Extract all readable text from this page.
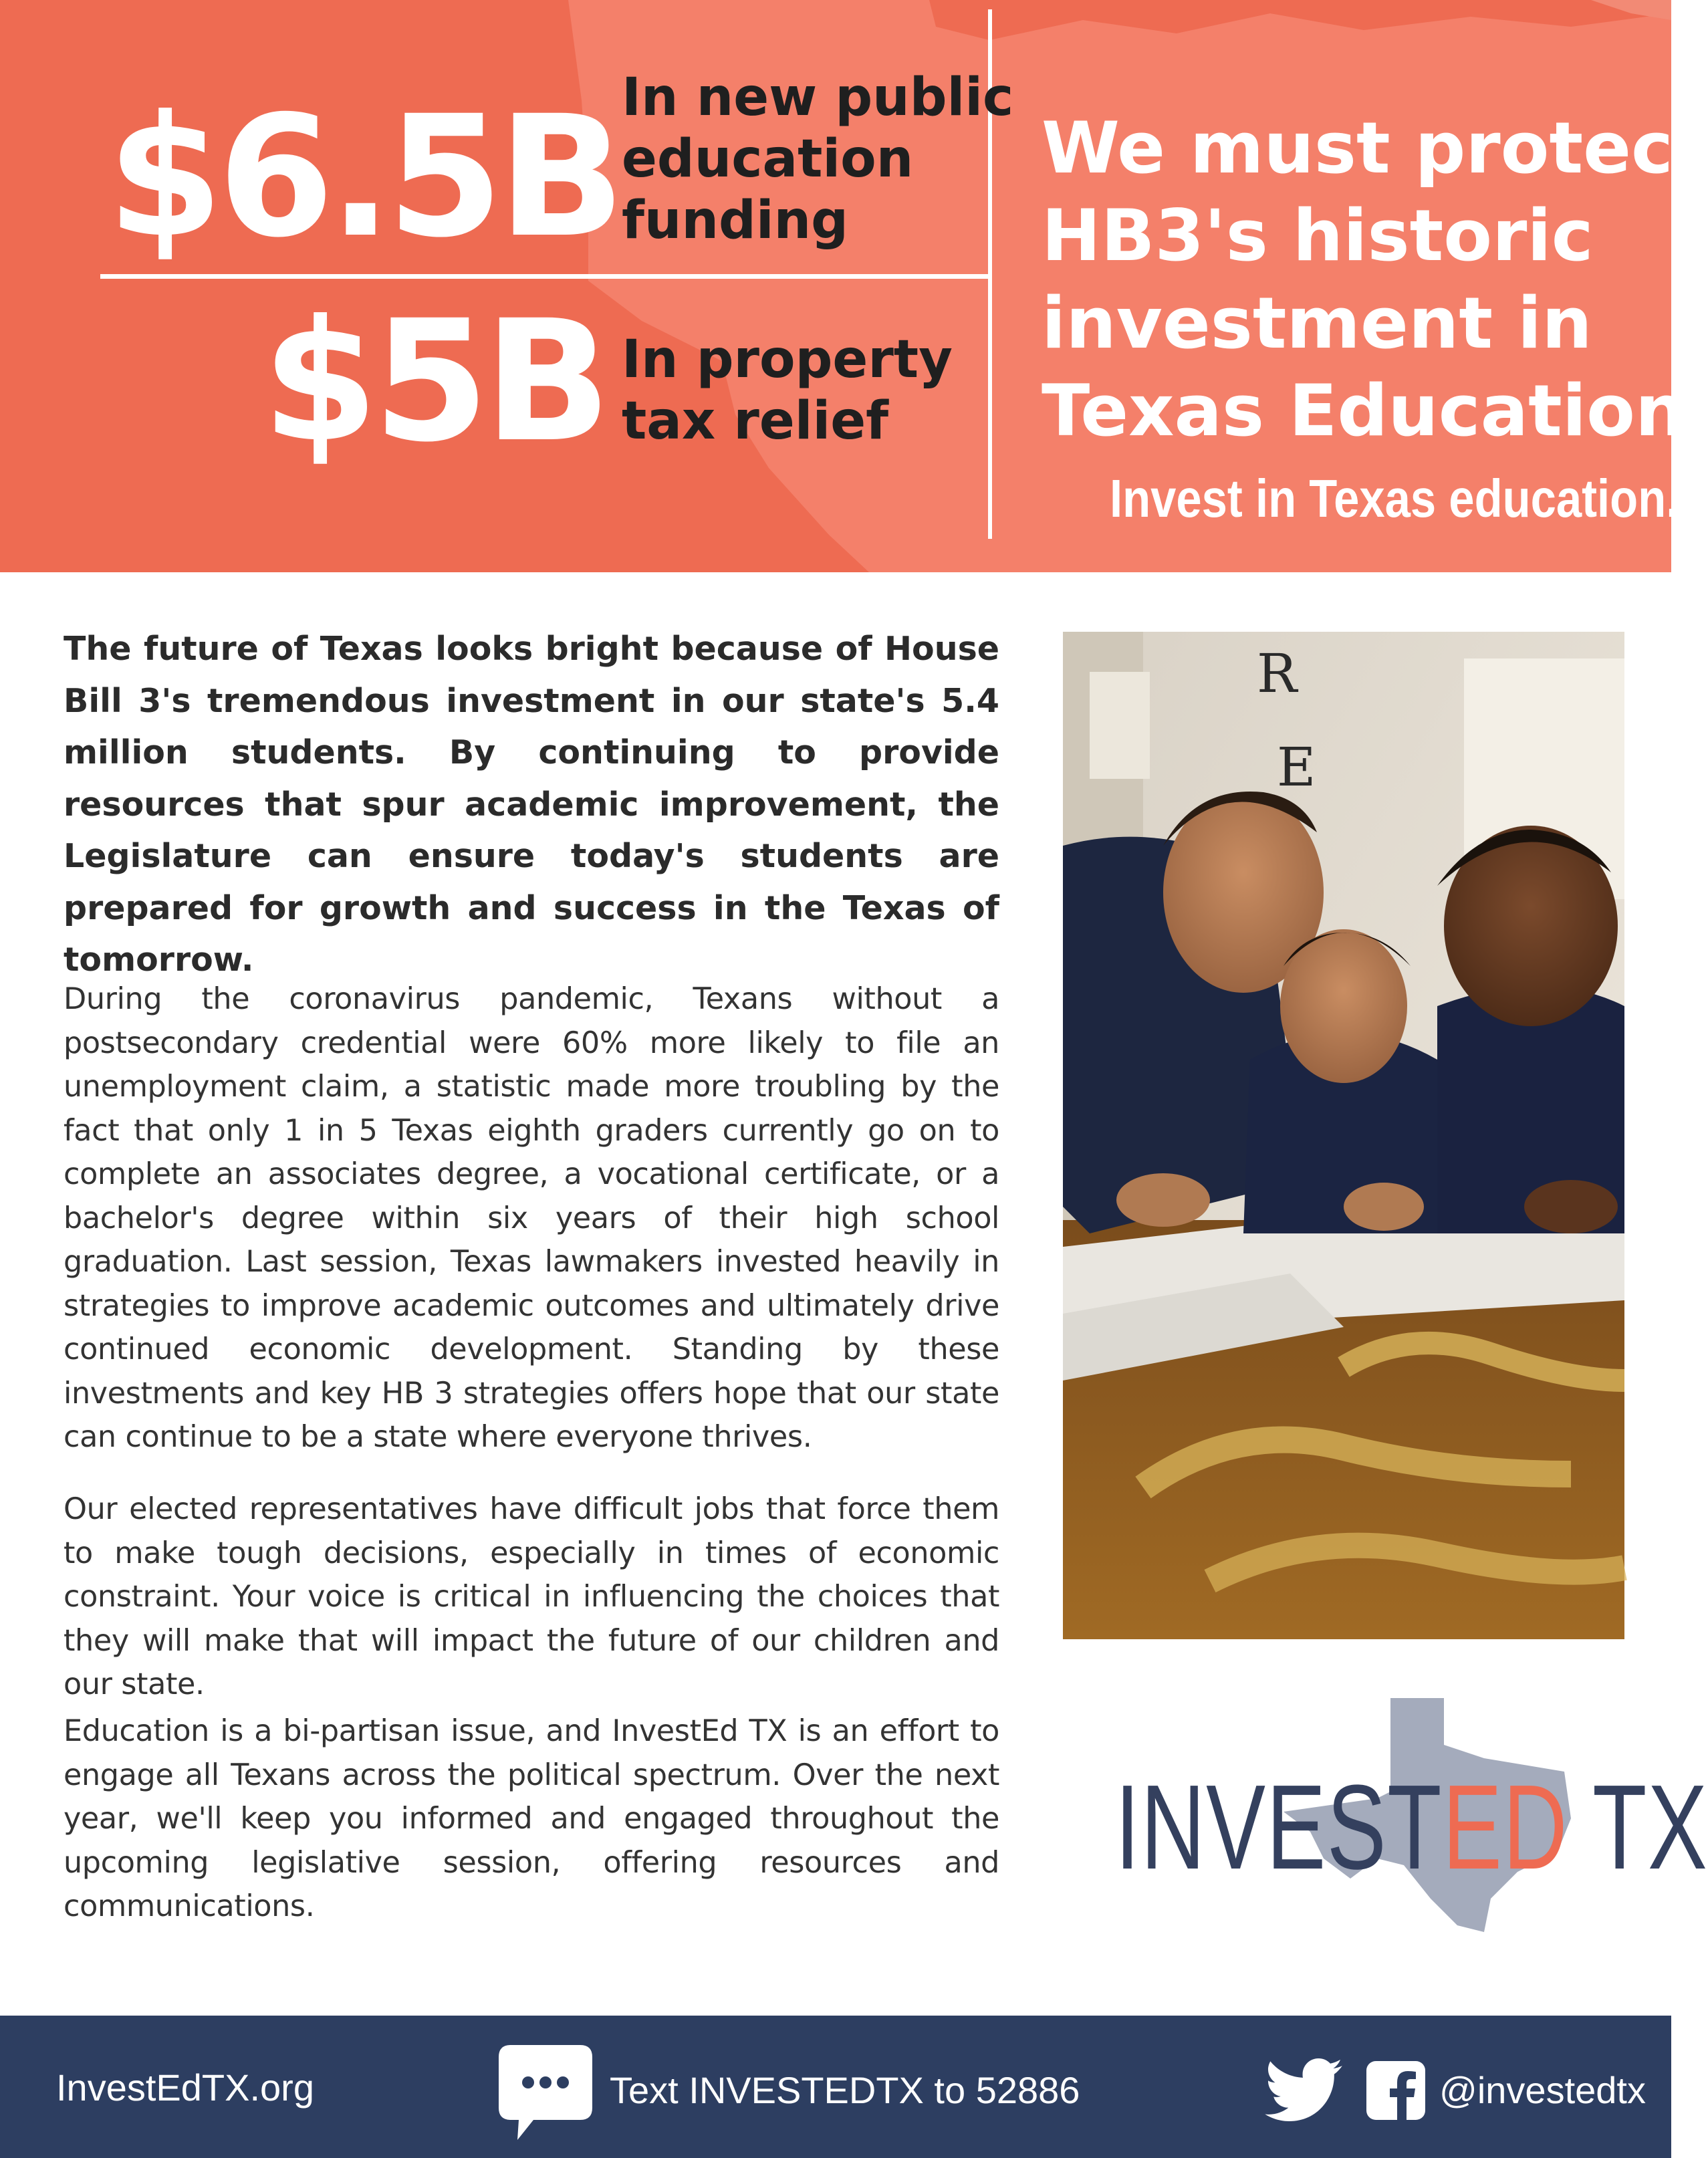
$6.5B In new public
education
funding
$5B In property
tax relief
We must protect
HB3's historic
investment in
Texas Education
Invest in Texas education.
The future of Texas looks bright because of House Bill 3's tremendous investment in our state's 5.4 million students. By continuing to provide resources that spur academic improvement, the Legislature can ensure today's students are prepared for growth and success in the Texas of tomorrow.
During the coronavirus pandemic, Texans without a postsecondary credential were 60% more likely to file an unemployment claim, a statistic made more troubling by the fact that only 1 in 5 Texas eighth graders currently go on to complete an associates degree, a vocational certificate, or a bachelor's degree within six years of their high school graduation. Last session, Texas lawmakers invested heavily in strategies to improve academic outcomes and ultimately drive continued economic development. Standing by these investments and key HB 3 strategies offers hope that our state can continue to be a state where everyone thrives.
Our elected representatives have difficult jobs that force them to make tough decisions, especially in times of economic constraint. Your voice is critical in influencing the choices that they will make that will impact the future of our children and our state.
Education is a bi-partisan issue, and InvestEd TX is an effort to engage all Texans across the political spectrum. Over the next year, we'll keep you informed and engaged throughout the upcoming legislative session, offering resources and communications.
R
E
INVESTED TX
InvestEdTX.org	Text INVESTEDTX to 52886	@investedtx
